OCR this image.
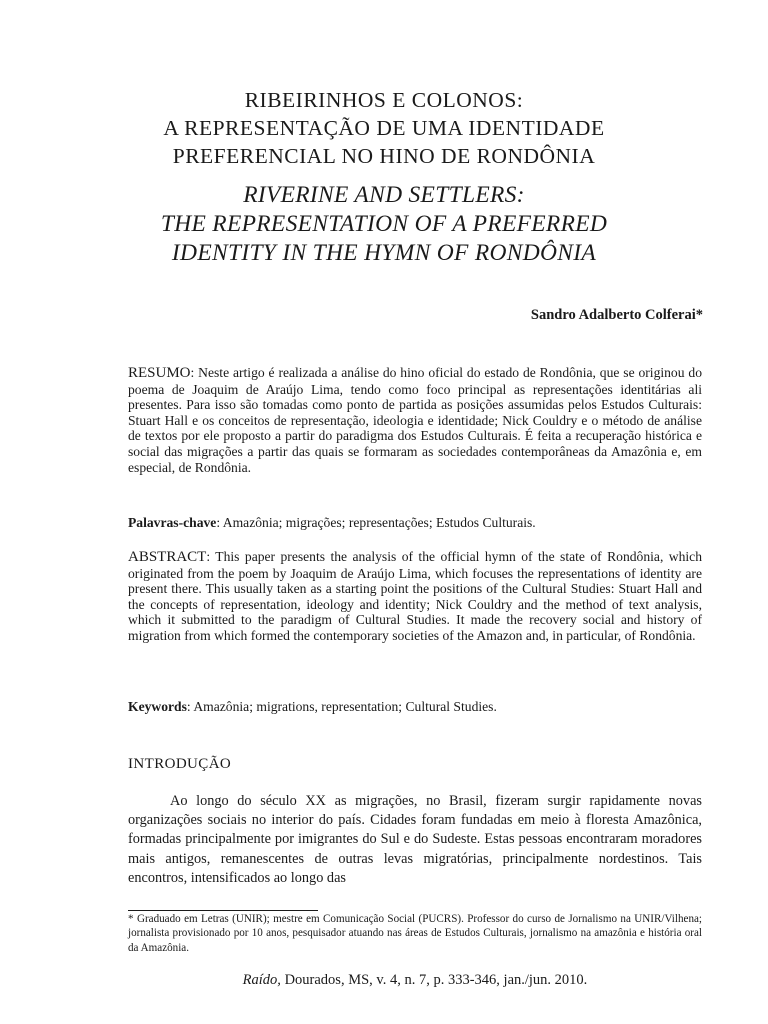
RIBEIRINHOS E COLONOS:
A REPRESENTAÇÃO DE UMA IDENTIDADE
PREFERENCIAL NO HINO DE RONDÔNIA
RIVERINE AND SETTLERS:
THE REPRESENTATION OF A PREFERRED
IDENTITY IN THE HYMN OF RONDÔNIA
Sandro Adalberto Colferai*

RESUMO: Neste artigo é realizada a análise do hino oficial do estado de Rondônia, que se originou do poema de Joaquim de Araújo Lima, tendo como foco principal as representações identitárias ali presentes. Para isso são tomadas como ponto de partida as posições assumidas pelos Estudos Culturais: Stuart Hall e os conceitos de representação, ideologia e identidade; Nick Couldry e o método de análise de textos por ele proposto a partir do paradigma dos Estudos Culturais. É feita a recuperação histórica e social das migrações a partir das quais se formaram as sociedades contemporâneas da Amazônia e, em especial, de Rondônia.

Palavras-chave: Amazônia; migrações; representações; Estudos Culturais.

ABSTRACT: This paper presents the analysis of the official hymn of the state of Rondônia, which originated from the poem by Joaquim de Araújo Lima, which focuses the representations of identity are present there. This usually taken as a starting point the positions of the Cultural Studies: Stuart Hall and the concepts of representation, ideology and identity; Nick Couldry and the method of text analysis, which it submitted to the paradigm of Cultural Studies. It made the recovery social and history of migration from which formed the contemporary societies of the Amazon and, in particular, of Rondônia.

Keywords: Amazônia; migrations, representation; Cultural Studies.

INTRODUÇÃO

Ao longo do século XX as migrações, no Brasil, fizeram surgir rapidamente novas organizações sociais no interior do país. Cidades foram fundadas em meio à floresta Amazônica, formadas principalmente por imigrantes do Sul e do Sudeste. Estas pessoas encontraram moradores mais antigos, remanescentes de outras levas migratórias, principalmente nordestinos. Tais encontros, intensificados ao longo das

* Graduado em Letras (UNIR); mestre em Comunicação Social (PUCRS). Professor do curso de Jornalismo na UNIR/Vilhena; jornalista provisionado por 10 anos, pesquisador atuando nas áreas de Estudos Culturais, jornalismo na amazônia e história oral da Amazônia.

Raído, Dourados, MS, v. 4, n. 7, p. 333-346, jan./jun. 2010.
